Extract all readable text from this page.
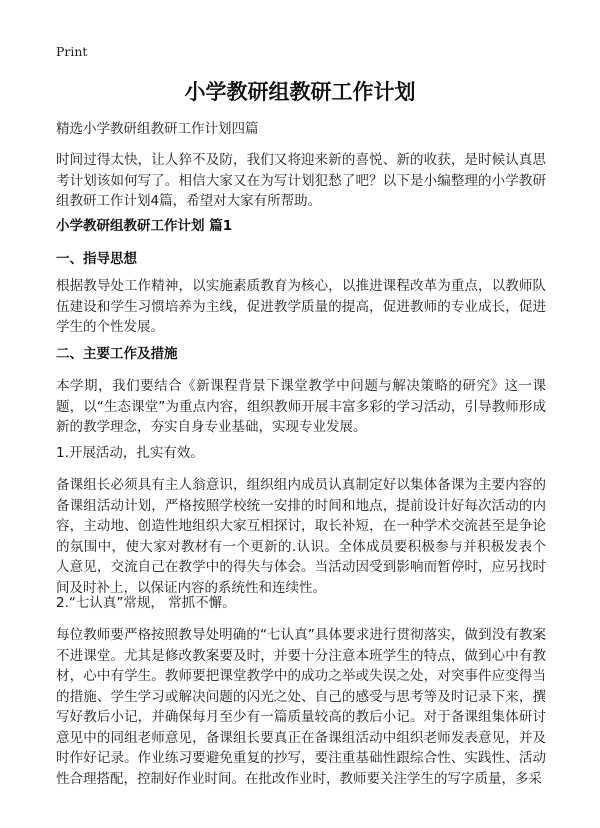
Print
小学教研组教研工作计划

精选小学教研组教研工作计划四篇

时间过得太快，让人猝不及防，我们又将迎来新的喜悦、新的收获，是时候认真思考计划该如何写了。相信大家又在为写计划犯愁了吧？以下是小编整理的小学教研组教研工作计划4篇，希望对大家有所帮助。

小学教研组教研工作计划 篇1

一、指导思想

根据教导处工作精神，以实施素质教育为核心，以推进课程改革为重点，以教师队伍建设和学生习惯培养为主线，促进教学质量的提高，促进教师的专业成长，促进学生的个性发展。

二、主要工作及措施

本学期，我们要结合《新课程背景下课堂教学中问题与解决策略的研究》这一课题，以“生态课堂”为重点内容，组织教师开展丰富多彩的学习活动，引导教师形成新的教学理念，夯实自身专业基础，实现专业发展。

1.开展活动，扎实有效。

备课组长必须具有主人翁意识，组织组内成员认真制定好以集体备课为主要内容的备课组活动计划，严格按照学校统一安排的时间和地点，提前设计好每次活动的内容，主动地、创造性地组织大家互相探讨，取长补短，在一种学术交流甚至是争论的氛围中，使大家对教材有一个更新的.认识。全体成员要积极参与并积极发表个人意见，交流自己在教学中的得失与体会。当活动因受到影响而暂停时，应另找时间及时补上，以保证内容的系统性和连续性。

2.“七认真”常规， 常抓不懈。

每位教师要严格按照教导处明确的“七认真”具体要求进行贯彻落实，做到没有教案不进课堂。尤其是修改教案要及时，并要十分注意本班学生的特点，做到心中有教材，心中有学生。教师要把课堂教学中的成功之举或失误之处，对突事件应变得当的措施、学生学习或解决问题的闪光之处、自己的感受与思考等及时记录下来，撰写好教后小记，并确保每月至少有一篇质量较高的教后小记。对于备课组集体研讨意见中的同组老师意见，备课组长要真正在备课组活动中组织老师发表意见，并及时作好记录。作业练习要避免重复的抄写，要注重基础性跟综合性、实践性、活动性合理搭配，控制好作业时间。在批改作业时，教师要关注学生的写字质量，多采
